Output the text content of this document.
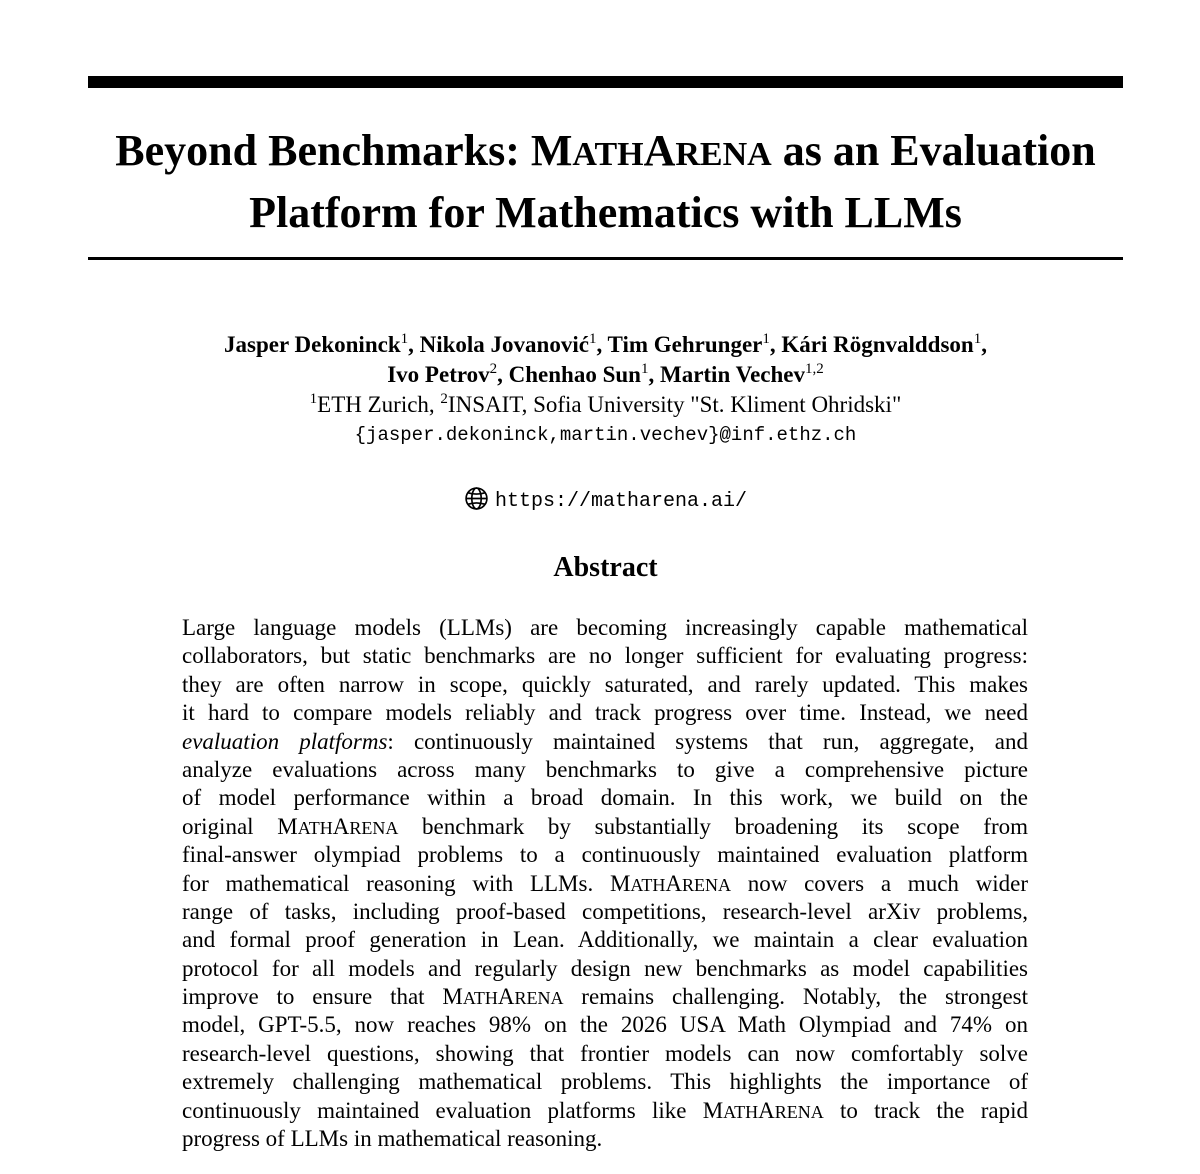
Beyond Benchmarks: MATHARENA as an Evaluation
Platform for Mathematics with LLMs
Jasper Dekoninck$^1$, Nikola Jovanović$^1$, Tim Gehrunger$^1$, Kári Rögnvalddson$^1$,
Ivo Petrov$^2$, Chenhao Sun$^1$, Martin Vechev$^{1,2}$
$^1$ETH Zurich, $^2$INSAIT, Sofia University "St. Kliment Ohridski"
{jasper.dekoninck,martin.vechev}@inf.ethz.ch
https://matharena.ai/
Abstract
Large language models (LLMs) are becoming increasingly capable mathematical
collaborators, but static benchmarks are no longer sufficient for evaluating progress:
they are often narrow in scope, quickly saturated, and rarely updated. This makes
it hard to compare models reliably and track progress over time. Instead, we need
evaluation platforms: continuously maintained systems that run, aggregate, and
analyze evaluations across many benchmarks to give a comprehensive picture
of model performance within a broad domain. In this work, we build on the
original MATHARENA benchmark by substantially broadening its scope from
final-answer olympiad problems to a continuously maintained evaluation platform
for mathematical reasoning with LLMs. MATHARENA now covers a much wider
range of tasks, including proof-based competitions, research-level arXiv problems,
and formal proof generation in Lean. Additionally, we maintain a clear evaluation
protocol for all models and regularly design new benchmarks as model capabilities
improve to ensure that MATHARENA remains challenging. Notably, the strongest
model, GPT-5.5, now reaches 98% on the 2026 USA Math Olympiad and 74% on
research-level questions, showing that frontier models can now comfortably solve
extremely challenging mathematical problems. This highlights the importance of
continuously maintained evaluation platforms like MATHARENA to track the rapid
progress of LLMs in mathematical reasoning.
